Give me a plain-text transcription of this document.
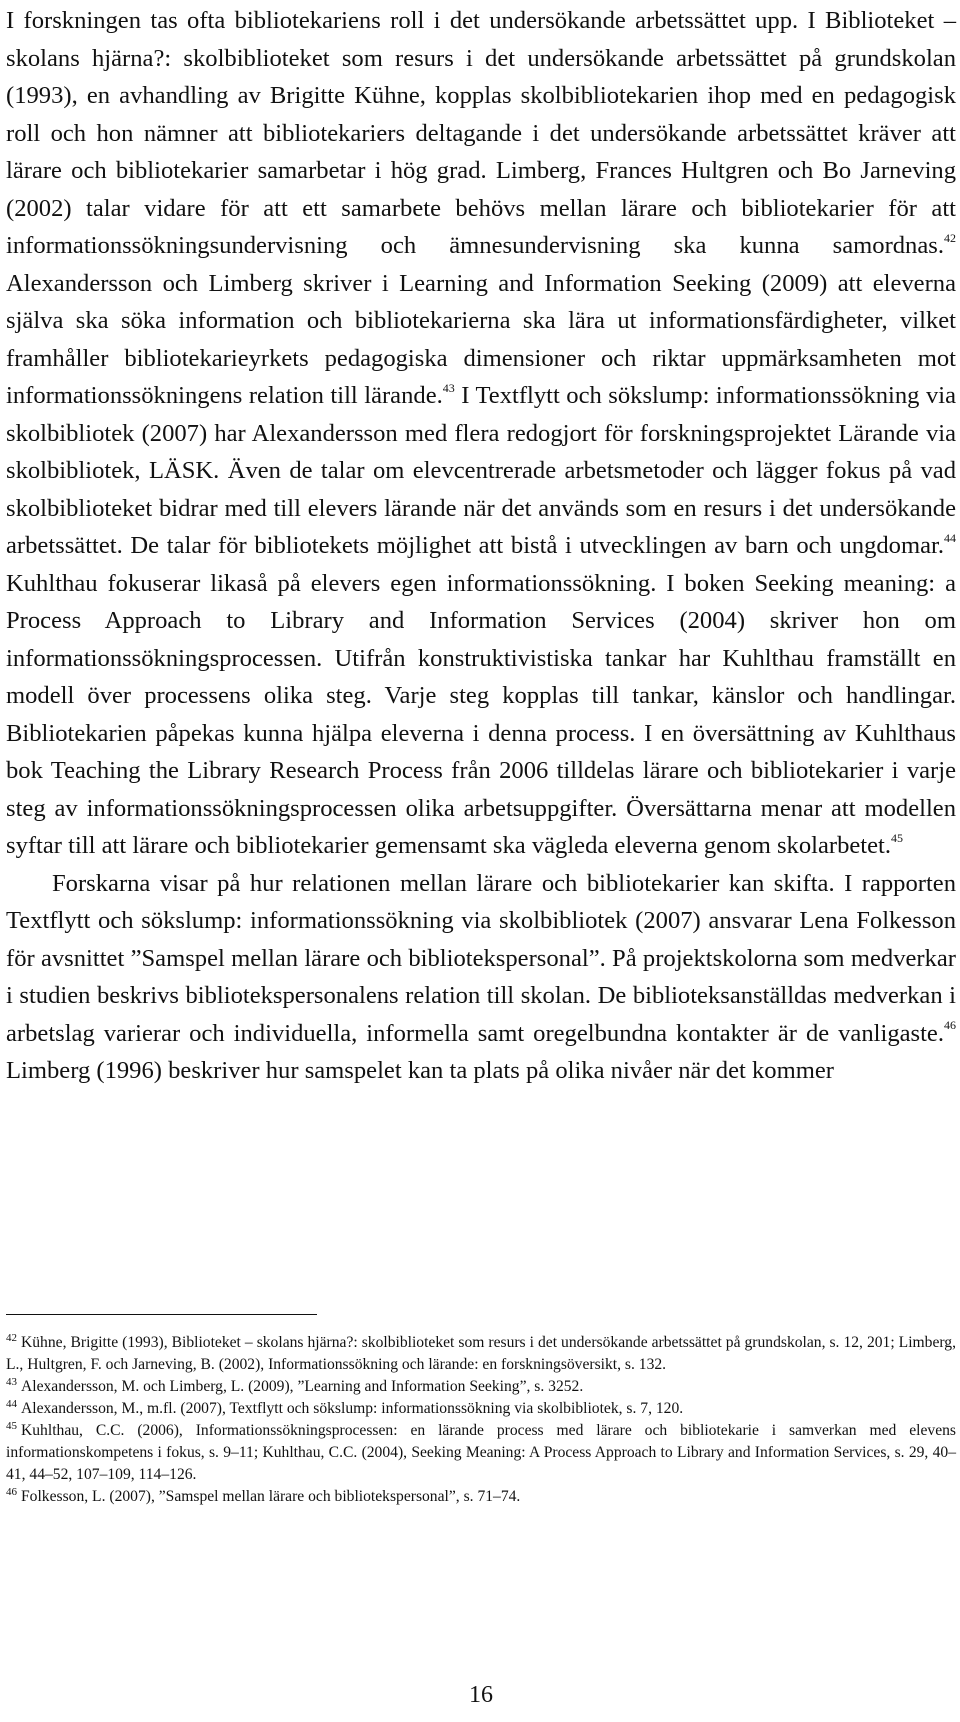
I forskningen tas ofta bibliotekariens roll i det undersökande arbetssättet upp. I Biblioteket – skolans hjärna?: skolbiblioteket som resurs i det undersökande arbetssättet på grundskolan (1993), en avhandling av Brigitte Kühne, kopplas skolbibliotekarien ihop med en pedagogisk roll och hon nämner att bibliotekariers deltagande i det undersökande arbetssättet kräver att lärare och bibliotekarier samarbetar i hög grad. Limberg, Frances Hultgren och Bo Jarneving (2002) talar vidare för att ett samarbete behövs mellan lärare och bibliotekarier för att informationssökningsundervisning och ämnesundervisning ska kunna samordnas.$^{42}$ Alexandersson och Limberg skriver i Learning and Information Seeking (2009) att eleverna själva ska söka information och bibliotekarierna ska lära ut informationsfärdigheter, vilket framhåller bibliotekarieyrkets pedagogiska dimensioner och riktar uppmärksamheten mot informationssökningens relation till lärande.$^{43}$ I Textflytt och sökslump: informationssökning via skolbibliotek (2007) har Alexandersson med flera redogjort för forskningsprojektet Lärande via skolbibliotek, LÄSK. Även de talar om elevcentrerade arbetsmetoder och lägger fokus på vad skolbiblioteket bidrar med till elevers lärande när det används som en resurs i det undersökande arbetssättet. De talar för bibliotekets möjlighet att bistå i utvecklingen av barn och ungdomar.$^{44}$ Kuhlthau fokuserar likaså på elevers egen informationssökning. I boken Seeking meaning: a Process Approach to Library and Information Services (2004) skriver hon om informationssökningsprocessen. Utifrån konstruktivistiska tankar har Kuhlthau framställt en modell över processens olika steg. Varje steg kopplas till tankar, känslor och handlingar. Bibliotekarien påpekas kunna hjälpa eleverna i denna process. I en översättning av Kuhlthaus bok Teaching the Library Research Process från 2006 tilldelas lärare och bibliotekarier i varje steg av informationssökningsprocessen olika arbetsuppgifter. Översättarna menar att modellen syftar till att lärare och bibliotekarier gemensamt ska vägleda eleverna genom skolarbetet.$^{45}$

Forskarna visar på hur relationen mellan lärare och bibliotekarier kan skifta. I rapporten Textflytt och sökslump: informationssökning via skolbibliotek (2007) ansvarar Lena Folkesson för avsnittet ”Samspel mellan lärare och bibliotekspersonal”. På projektskolorna som medverkar i studien beskrivs bibliotekspersonalens relation till skolan. De biblioteksanställdas medverkan i arbetslag varierar och individuella, informella samt oregelbundna kontakter är de vanligaste.$^{46}$ Limberg (1996) beskriver hur samspelet kan ta plats på olika nivåer när det kommer

$^{42}$ Kühne, Brigitte (1993), Biblioteket – skolans hjärna?: skolbiblioteket som resurs i det undersökande arbetssättet på grundskolan, s. 12, 201; Limberg, L., Hultgren, F. och Jarneving, B. (2002), Informationssökning och lärande: en forskningsöversikt, s. 132.

$^{43}$ Alexandersson, M. och Limberg, L. (2009), ”Learning and Information Seeking”, s. 3252.

$^{44}$ Alexandersson, M., m.fl. (2007), Textflytt och sökslump: informationssökning via skolbibliotek, s. 7, 120.

$^{45}$ Kuhlthau, C.C. (2006), Informationssökningsprocessen: en lärande process med lärare och bibliotekarie i samverkan med elevens informationskompetens i fokus, s. 9–11; Kuhlthau, C.C. (2004), Seeking Meaning: A Process Approach to Library and Information Services, s. 29, 40–41, 44–52, 107–109, 114–126.

$^{46}$ Folkesson, L. (2007), ”Samspel mellan lärare och bibliotekspersonal”, s. 71–74.

16
